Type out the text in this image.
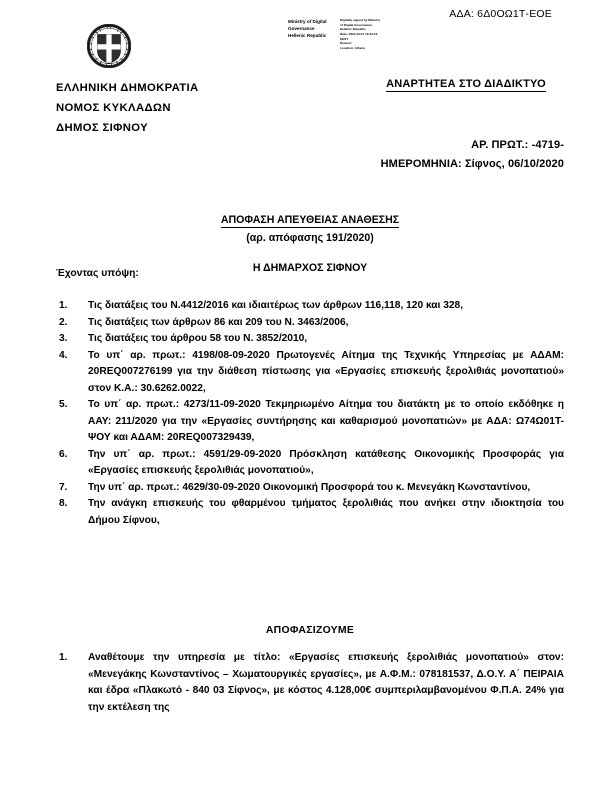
ΑΔΑ: 6Δ0ΟΩ1Τ-ΕΟΕ
Ministry of Digital
Governance
Hellenic Republic
Digitally signed by Ministry
of Digital Governance,
Hellenic Republic
Date: 2020.10.07 13:23:19
EEST
Reason:
Location: Athens
ΕΛΛΗΝΙΚΗ ΔΗΜΟΚΡΑΤΙΑ
ΝΟΜΟΣ ΚΥΚΛΑΔΩΝ
ΔΗΜΟΣ ΣΙΦΝΟΥ
ΑΝΑΡΤΗΤΕΑ ΣΤΟ ΔΙΑΔΙΚΤΥΟ
ΑΡ. ΠΡΩΤ.: -4719-
ΗΜΕΡΟΜΗΝΙΑ: Σίφνος, 06/10/2020
ΑΠΟΦΑΣΗ ΑΠΕΥΘΕΙΑΣ ΑΝΑΘΕΣΗΣ
(αρ. απόφασης 191/2020)
Η ΔΗΜΑΡΧΟΣ ΣΙΦΝΟΥ
Έχοντας υπόψη:
1.	Τις διατάξεις του Ν.4412/2016 και ιδιαιτέρως των άρθρων 116,118, 120 και 328,
2.	Τις διατάξεις των άρθρων 86 και 209 του Ν. 3463/2006,
3.	Τις διατάξεις του άρθρου 58 του Ν. 3852/2010,
4.	Το υπ΄ αρ. πρωτ.: 4198/08-09-2020 Πρωτογενές Αίτημα της Τεχνικής Υπηρεσίας με ΑΔΑΜ: 20REQ007276199 για την διάθεση πίστωσης για «Εργασίες επισκευής ξερολιθιάς μονοπατιού» στον Κ.Α.: 30.6262.0022,
5.	Το υπ΄ αρ. πρωτ.: 4273/11-09-2020 Τεκμηριωμένο Αίτημα του διατάκτη με το οποίο εκδόθηκε η ΑΑΥ: 211/2020 για την «Εργασίες συντήρησης και καθαρισμού μονοπατιών» με ΑΔΑ: Ω74Ω01Τ-ΨΟΥ και ΑΔΑΜ: 20REQ007329439,
6.	Την υπ΄ αρ. πρωτ.: 4591/29-09-2020 Πρόσκληση κατάθεσης Οικονομικής Προσφοράς για «Εργασίες επισκευής ξερολιθιάς μονοπατιού»,
7.	Την υπ΄ αρ. πρωτ.: 4629/30-09-2020 Οικονομική Προσφορά του κ. Μενεγάκη Κωνσταντίνου,
8.	Την ανάγκη επισκευής του φθαρμένου τμήματος ξερολιθιάς που ανήκει στην ιδιοκτησία του Δήμου Σίφνου,
ΑΠΟΦΑΣΙΖΟΥΜΕ
1.	Αναθέτουμε την υπηρεσία με τίτλο: «Εργασίες επισκευής ξερολιθιάς μονοπατιού» στον: «Μενεγάκης Κωνσταντίνος – Χωματουργικές εργασίες», με Α.Φ.Μ.: 078181537, Δ.Ο.Υ. Α΄ ΠΕΙΡΑΙΑ και έδρα «Πλακωτό - 840 03 Σίφνος», με κόστος 4.128,00€ συμπεριλαμβανομένου Φ.Π.Α. 24% για την εκτέλεση της
